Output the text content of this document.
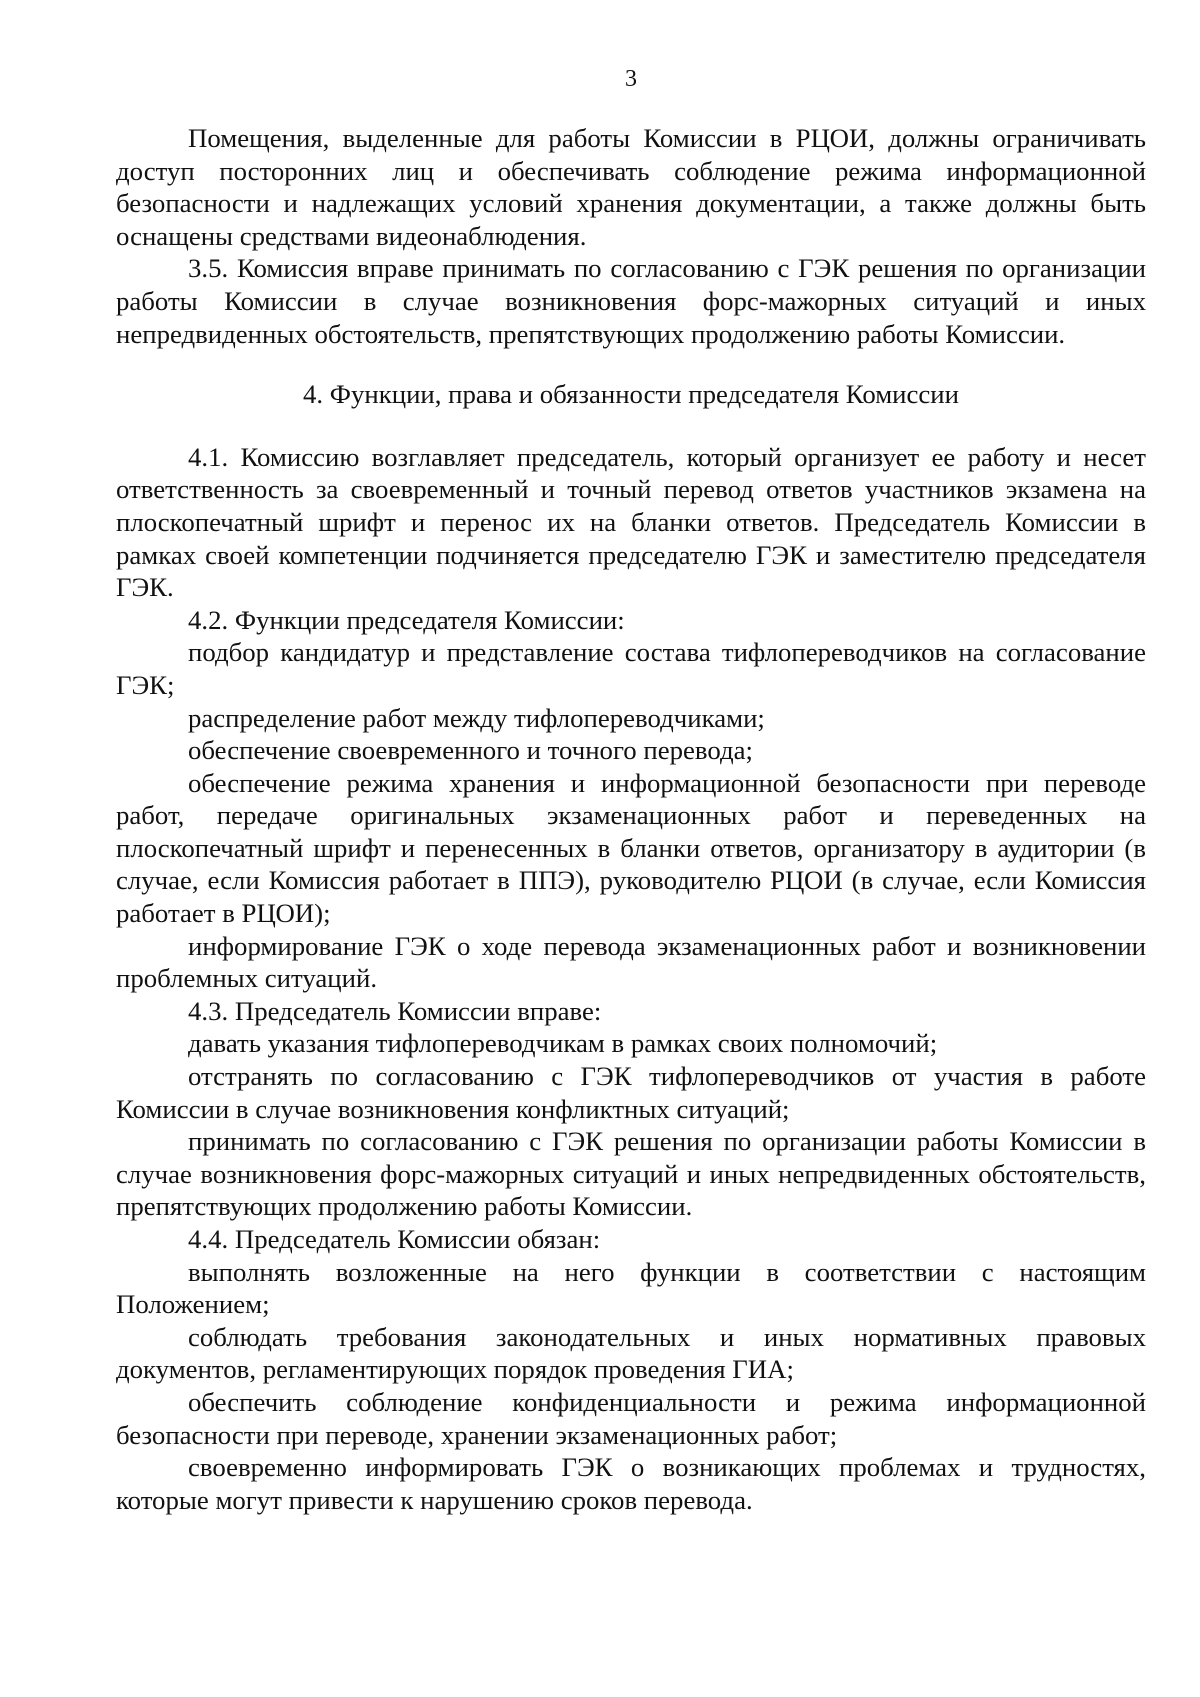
3

Помещения, выделенные для работы Комиссии в РЦОИ, должны ограничивать доступ посторонних лиц и обеспечивать соблюдение режима информационной безопасности и надлежащих условий хранения документации, а также должны быть оснащены средствами видеонаблюдения.

3.5. Комиссия вправе принимать по согласованию с ГЭК решения по организации работы Комиссии в случае возникновения форс-мажорных ситуаций и иных непредвиденных обстоятельств, препятствующих продолжению работы Комиссии.

4. Функции, права и обязанности председателя Комиссии

4.1. Комиссию возглавляет председатель, который организует ее работу и несет ответственность за своевременный и точный перевод ответов участников экзамена на плоскопечатный шрифт и перенос их на бланки ответов. Председатель Комиссии в рамках своей компетенции подчиняется председателю ГЭК и заместителю председателя ГЭК.

4.2. Функции председателя Комиссии:

подбор кандидатур и представление состава тифлопереводчиков на согласование ГЭК;

распределение работ между тифлопереводчиками;

обеспечение своевременного и точного перевода;

обеспечение режима хранения и информационной безопасности при переводе работ, передаче оригинальных экзаменационных работ и переведенных на плоскопечатный шрифт и перенесенных в бланки ответов, организатору в аудитории (в случае, если Комиссия работает в ППЭ), руководителю РЦОИ (в случае, если Комиссия работает в РЦОИ);

информирование ГЭК о ходе перевода экзаменационных работ и возникновении проблемных ситуаций.

4.3. Председатель Комиссии вправе:

давать указания тифлопереводчикам в рамках своих полномочий;

отстранять по согласованию с ГЭК тифлопереводчиков от участия в работе Комиссии в случае возникновения конфликтных ситуаций;

принимать по согласованию с ГЭК решения по организации работы Комиссии в случае возникновения форс-мажорных ситуаций и иных непредвиденных обстоятельств, препятствующих продолжению работы Комиссии.

4.4. Председатель Комиссии обязан:

выполнять возложенные на него функции в соответствии с настоящим Положением;

соблюдать требования законодательных и иных нормативных правовых документов, регламентирующих порядок проведения ГИА;

обеспечить соблюдение конфиденциальности и режима информационной безопасности при переводе, хранении экзаменационных работ;

своевременно информировать ГЭК о возникающих проблемах и трудностях, которые могут привести к нарушению сроков перевода.
